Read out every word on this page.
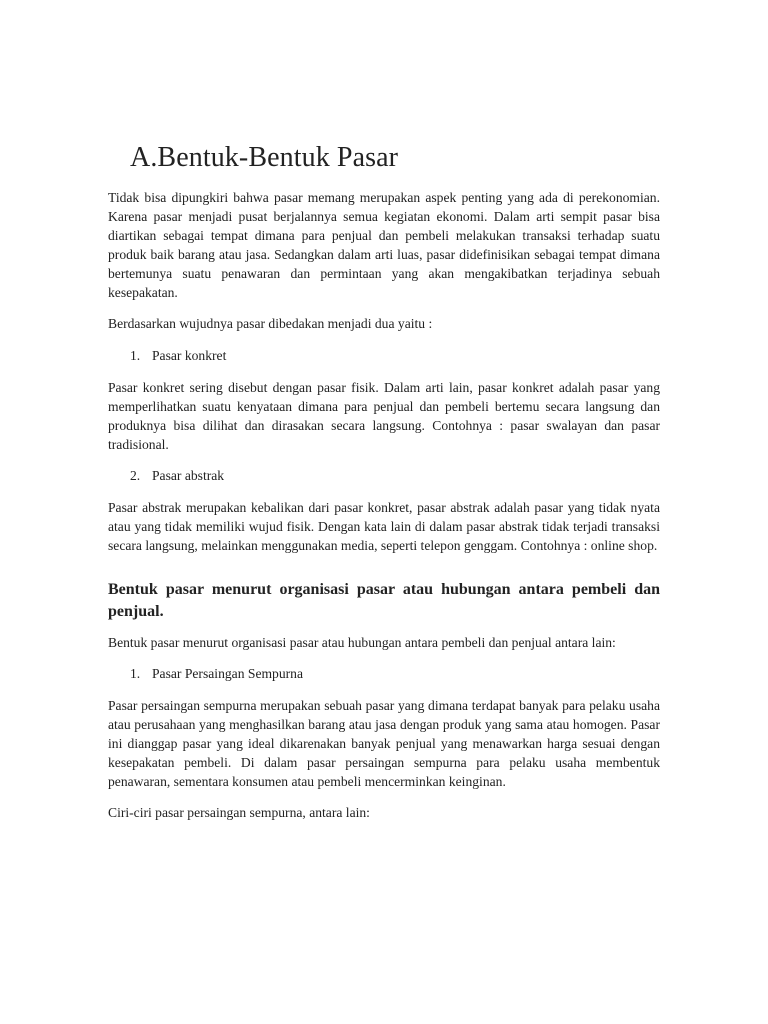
A.Bentuk-Bentuk Pasar

Tidak bisa dipungkiri bahwa pasar memang merupakan aspek penting yang ada di perekonomian. Karena pasar menjadi pusat berjalannya semua kegiatan ekonomi. Dalam arti sempit pasar bisa diartikan sebagai tempat dimana para penjual dan pembeli melakukan transaksi terhadap suatu produk baik barang atau jasa. Sedangkan dalam arti luas, pasar didefinisikan sebagai tempat dimana bertemunya suatu penawaran dan permintaan yang akan mengakibatkan terjadinya sebuah kesepakatan.

Berdasarkan wujudnya pasar dibedakan menjadi dua yaitu :

1. Pasar konkret

Pasar konkret sering disebut dengan pasar fisik. Dalam arti lain, pasar konkret adalah pasar yang memperlihatkan suatu kenyataan dimana para penjual dan pembeli bertemu secara langsung dan produknya bisa dilihat dan dirasakan secara langsung. Contohnya : pasar swalayan dan pasar tradisional.

2. Pasar abstrak

Pasar abstrak merupakan kebalikan dari pasar konkret, pasar abstrak adalah pasar yang tidak nyata atau yang tidak memiliki wujud fisik. Dengan kata lain di dalam pasar abstrak tidak terjadi transaksi secara langsung, melainkan menggunakan media, seperti telepon genggam. Contohnya : online shop.

Bentuk pasar menurut organisasi pasar atau hubungan antara pembeli dan penjual.

Bentuk pasar menurut organisasi pasar atau hubungan antara pembeli dan penjual antara lain:

1. Pasar Persaingan Sempurna

Pasar persaingan sempurna merupakan sebuah pasar yang dimana terdapat banyak para pelaku usaha atau perusahaan yang menghasilkan barang atau jasa dengan produk yang sama atau homogen. Pasar ini dianggap pasar yang ideal dikarenakan banyak penjual yang menawarkan harga sesuai dengan kesepakatan pembeli. Di dalam pasar persaingan sempurna para pelaku usaha membentuk penawaran, sementara konsumen atau pembeli mencerminkan keinginan.

Ciri-ciri pasar persaingan sempurna, antara lain:
